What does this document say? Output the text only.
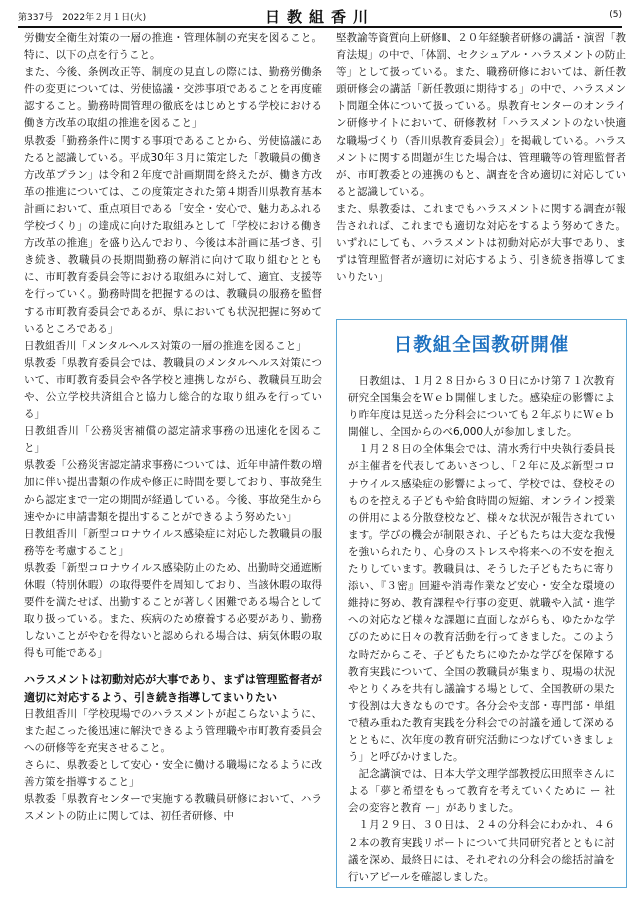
第337号　2022年２月１日(火)	日教組香川	(5)

労働安全衛生対策の一層の推進・管理体制の充実を図ること。特に、以下の点を行うこと。

また、今後、条例改正等、制度の見直しの際には、勤務労働条件の変更については、労使協議・交渉事項であることを再度確認すること。勤務時間管理の徹底をはじめとする学校における働き方改革の取組の推進を図ること」

県教委「勤務条件に関する事項であることから、労使協議にあたると認識している。平成30年３月に策定した「教職員の働き方改革プラン」は令和２年度で計画期間を終えたが、働き方改革の推進については、この度策定された第４期香川県教育基本計画において、重点項目である「安全・安心で、魅力あふれる学校づくり」の達成に向けた取組みとして「学校における働き方改革の推進」を盛り込んでおり、今後は本計画に基づき、引き続き、教職員の長期間勤務の解消に向けて取り組むとともに、市町教育委員会等における取組みに対して、適宜、支援等を行っていく。勤務時間を把握するのは、教職員の服務を監督する市町教育委員会であるが、県においても状況把握に努めているところである」

日教組香川「メンタルヘルス対策の一層の推進を図ること」

県教委「県教育委員会では、教職員のメンタルヘルス対策について、市町教育委員会や各学校と連携しながら、教職員互助会や、公立学校共済組合と協力し総合的な取り組みを行っている」

日教組香川「公務災害補償の認定請求事務の迅速化を図ること」

県教委「公務災害認定請求事務については、近年申請件数の増加に伴い提出書類の作成や修正に時間を要しており、事故発生から認定まで一定の期間が経過している。今後、事故発生から速やかに申請書類を提出することができるよう努めたい」

日教組香川「新型コロナウイルス感染症に対応した教職員の服務等を考慮すること」

県教委「新型コロナウイルス感染防止のため、出勤時交通遮断休暇（特別休暇）の取得要件を周知しており、当該休暇の取得要件を満たせば、出勤することが著しく困難である場合として取り扱っている。また、疾病のため療養する必要があり、勤務しないことがやむを得ないと認められる場合は、病気休暇の取得も可能である」

ハラスメントは初動対応が大事であり、まずは管理監督者が適切に対応するよう、引き続き指導してまいりたい

日教組香川「学校現場でのハラスメントが起こらないように、また起こった後迅速に解決できるよう管理職や市町教育委員会への研修等を充実させること。

さらに、県教委として安心・安全に働ける職場になるように改善方策を指導すること」

県教委「県教育センターで実施する教職員研修において、ハラスメントの防止に関しては、初任者研修、中

堅教諭等資質向上研修Ⅱ、２０年経験者研修の講話・演習「教育法規」の中で、「体罰、セクシュアル・ハラスメントの防止等」として扱っている。また、職務研修においては、新任教頭研修会の講話「新任教頭に期待する」の中で、ハラスメント問題全体について扱っている。県教育センターのオンライン研修サイトにおいて、研修教材「ハラスメントのない快適な職場づくり（香川県教育委員会）」を掲載している。ハラスメントに関する問題が生じた場合は、管理職等の管理監督者が、市町教委との連携のもと、調査を含め適切に対応していると認識している。

また、県教委は、これまでもハラスメントに関する調査が報告されれば、これまでも適切な対応をするよう努めてきた。いずれにしても、ハラスメントは初動対応が大事であり、まずは管理監督者が適切に対応するよう、引き続き指導してまいりたい」

日教組全国教研開催

日教組は、１月２８日から３０日にかけ第７１次教育研究全国集会をＷｅｂ開催しました。感染症の影響により昨年度は見送った分科会についても２年ぶりにＷｅｂ開催し、全国からのべ6,000人が参加しました。

１月２８日の全体集会では、清水秀行中央執行委員長が主催者を代表してあいさつし、「２年に及ぶ新型コロナウイルス感染症の影響によって、学校では、登校そのものを控える子どもや給食時間の短縮、オンライン授業の併用による分散登校など、様々な状況が報告されています。学びの機会が制限され、子どもたちは大変な我慢を強いられたり、心身のストレスや将来への不安を抱えたりしています。教職員は、そうした子どもたちに寄り添い、『３密』回避や消毒作業など安心・安全な環境の維持に努め、教育課程や行事の変更、就職や入試・進学への対応など様々な課題に直面しながらも、ゆたかな学びのために日々の教育活動を行ってきました。このような時だからこそ、子どもたちにゆたかな学びを保障する教育実践について、全国の教職員が集まり、現場の状況やとりくみを共有し議論する場として、全国教研の果たす役割は大きなものです。各分会や支部・専門部・単組で積み重ねた教育実践を分科会での討議を通して深めるとともに、次年度の教育研究活動につなげていきましょう」と呼びかけました。

記念講演では、日本大学文理学部教授広田照幸さんによる「夢と希望をもって教育を考えていくために ー 社会の変容と教育 ー」がありました。

１月２９日、３０日は、２４の分科会にわかれ、４６２本の教育実践リポートについて共同研究者とともに討議を深め、最終日には、それぞれの分科会の総括討論を行いアピールを確認しました。
